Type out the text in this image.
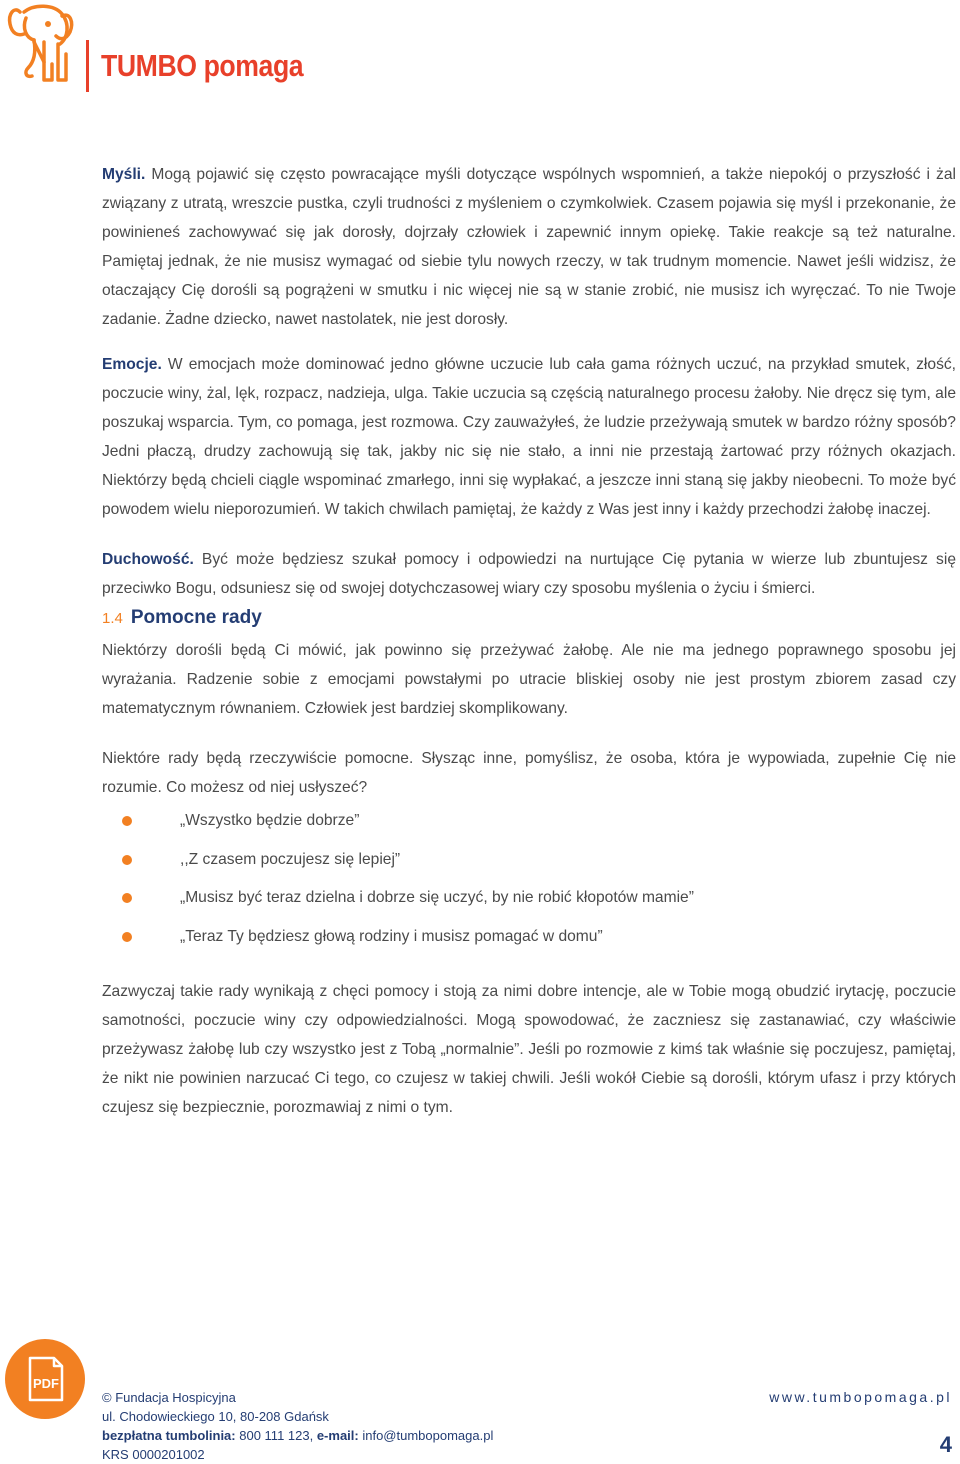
TUMBO pomaga

Myśli. Mogą pojawić się często powracające myśli dotyczące wspólnych wspomnień, a także niepokój o przyszłość i żal związany z utratą, wreszcie pustka, czyli trudności z myśleniem o czymkolwiek. Czasem pojawia się myśl i przekonanie, że powinieneś zachowywać się jak dorosły, dojrzały człowiek i zapewnić innym opiekę. Takie reakcje są też naturalne. Pamiętaj jednak, że nie musisz wymagać od siebie tylu nowych rzeczy, w tak trudnym momencie. Nawet jeśli widzisz, że otaczający Cię dorośli są pogrążeni w smutku i nic więcej nie są w stanie zrobić, nie musisz ich wyręczać. To nie Twoje zadanie. Żadne dziecko, nawet nastolatek, nie jest dorosły.

Emocje. W emocjach może dominować jedno główne uczucie lub cała gama różnych uczuć, na przykład smutek, złość, poczucie winy, żal, lęk, rozpacz, nadzieja, ulga. Takie uczucia są częścią naturalnego procesu żałoby. Nie dręcz się tym, ale poszukaj wsparcia. Tym, co pomaga, jest rozmowa. Czy zauważyłeś, że ludzie przeżywają smutek w bardzo różny sposób? Jedni płaczą, drudzy zachowują się tak, jakby nic się nie stało, a inni nie przestają żartować przy różnych okazjach. Niektórzy będą chcieli ciągle wspominać zmarłego, inni się wypłakać, a jeszcze inni staną się jakby nieobecni. To może być powodem wielu nieporozumień. W takich chwilach pamiętaj, że każdy z Was jest inny i każdy przechodzi żałobę inaczej.

Duchowość. Być może będziesz szukał pomocy i odpowiedzi na nurtujące Cię pytania w wierze lub zbuntujesz się przeciwko Bogu, odsuniesz się od swojej dotychczasowej wiary czy sposobu myślenia o życiu i śmierci.

1.4 Pomocne rady

Niektórzy dorośli będą Ci mówić, jak powinno się przeżywać żałobę. Ale nie ma jednego poprawnego sposobu jej wyrażania. Radzenie sobie z emocjami powstałymi po utracie bliskiej osoby nie jest prostym zbiorem zasad czy matematycznym równaniem. Człowiek jest bardziej skomplikowany.

Niektóre rady będą rzeczywiście pomocne. Słysząc inne, pomyślisz, że osoba, która je wypowiada, zupełnie Cię nie rozumie. Co możesz od niej usłyszeć?

„Wszystko będzie dobrze”
,,Z czasem poczujesz się lepiej”
„Musisz być teraz dzielna i dobrze się uczyć, by nie robić kłopotów mamie”
„Teraz Ty będziesz głową rodziny i musisz pomagać w domu”

Zazwyczaj takie rady wynikają z chęci pomocy i stoją za nimi dobre intencje, ale w Tobie mogą obudzić irytację, poczucie samotności, poczucie winy czy odpowiedzialności. Mogą spowodować, że zaczniesz się zastanawiać, czy właściwie przeżywasz żałobę lub czy wszystko jest z Tobą „normalnie”. Jeśli po rozmowie z kimś tak właśnie się poczujesz, pamiętaj, że nikt nie powinien narzucać Ci tego, co czujesz w takiej chwili. Jeśli wokół Ciebie są dorośli, którym ufasz i przy których czujesz się bezpiecznie, porozmawiaj z nimi o tym.

PDF
© Fundacja Hospicyjna
ul. Chodowieckiego 10, 80-208 Gdańsk
bezpłatna tumbolinia: 800 111 123, e-mail: info@tumbopomaga.pl
KRS 0000201002
www.tumbopomaga.pl
4
